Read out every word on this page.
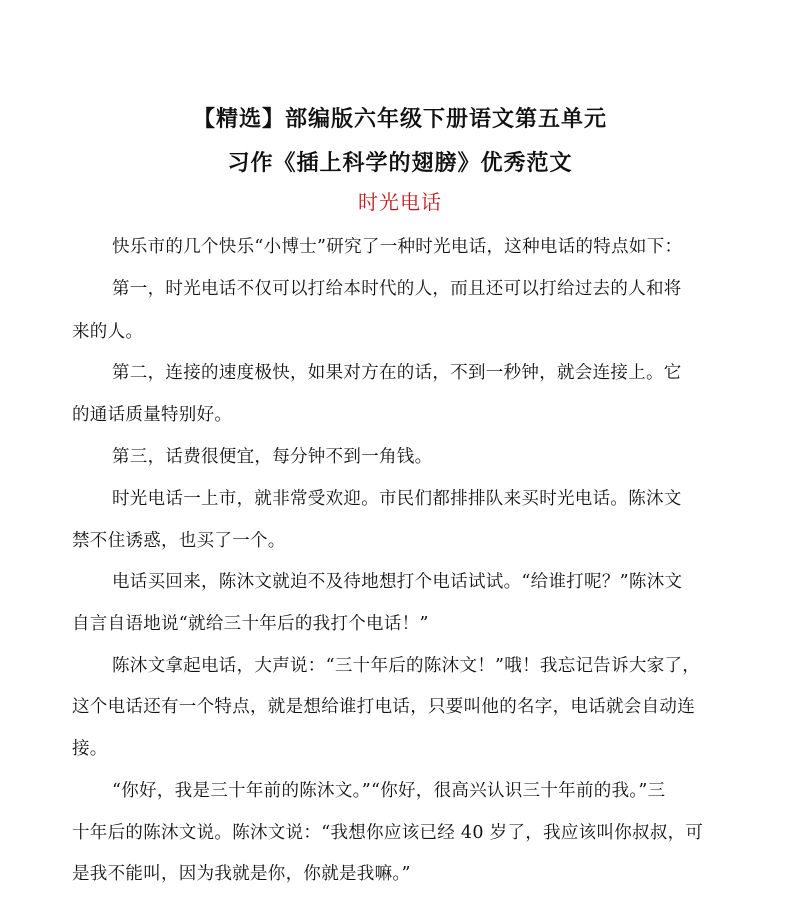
【精选】部编版六年级下册语文第五单元
习作《插上科学的翅膀》优秀范文
时光电话
快乐市的几个快乐“小博士”研究了一种时光电话，这种电话的特点如下：
第一，时光电话不仅可以打给本时代的人，而且还可以打给过去的人和将
来的人。
第二，连接的速度极快，如果对方在的话，不到一秒钟，就会连接上。它
的通话质量特别好。
第三，话费很便宜，每分钟不到一角钱。
时光电话一上市，就非常受欢迎。市民们都排排队来买时光电话。陈沐文
禁不住诱惑，也买了一个。
电话买回来，陈沐文就迫不及待地想打个电话试试。“给谁打呢？”陈沐文
自言自语地说“就给三十年后的我打个电话！”
陈沐文拿起电话，大声说：“三十年后的陈沐文！”哦！我忘记告诉大家了，
这个电话还有一个特点，就是想给谁打电话，只要叫他的名字，电话就会自动连
接。
“你好，我是三十年前的陈沐文。”“你好，很高兴认识三十年前的我。”三
十年后的陈沐文说。陈沐文说：“我想你应该已经 40 岁了，我应该叫你叔叔，可
是我不能叫，因为我就是你，你就是我嘛。”
